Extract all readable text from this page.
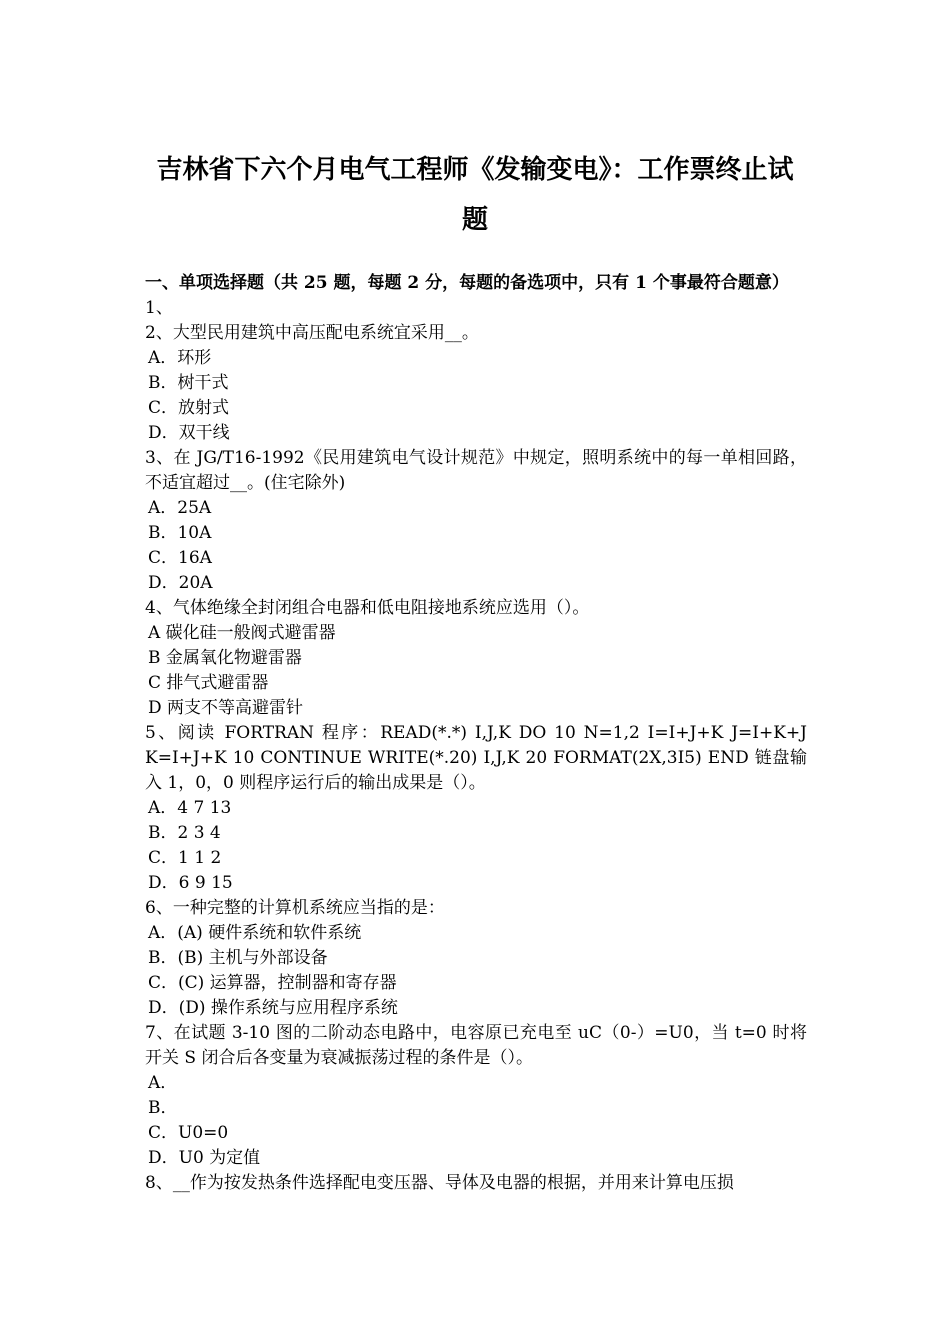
吉林省下六个月电气工程师《发输变电》：工作票终止试
题

一、单项选择题（共 25 题，每题 2 分，每题的备选项中，只有 1 个事最符合题意）

1、

2、大型民用建筑中高压配电系统宜采用__。

A．环形

B．树干式

C．放射式

D．双干线

3、在 JG/T16-1992《民用建筑电气设计规范》中规定，照明系统中的每一单相回路，不适宜超过__。(住宅除外)

A．25A

B．10A

C．16A

D．20A

4、气体绝缘全封闭组合电器和低电阻接地系统应选用（）。

A 碳化硅一般阀式避雷器

B 金属氧化物避雷器

C 排气式避雷器

D 两支不等高避雷针

5、阅读 FORTRAN 程序：READ(*.*) I,J,K DO 10 N=1,2 I=I+J+K J=I+K+J K=I+J+K 10 CONTINUE WRITE(*.20) I,J,K 20 FORMAT(2X,3I5) END 链盘输入 1，0，0 则程序运行后的输出成果是（）。

A．4 7 13

B．2 3 4

C．1 1 2

D．6 9 15

6、一种完整的计算机系统应当指的是：

A．(A) 硬件系统和软件系统

B．(B) 主机与外部设备

C．(C) 运算器，控制器和寄存器

D．(D) 操作系统与应用程序系统

7、在试题 3-10 图的二阶动态电路中，电容原已充电至 uC（0-）=U0，当 t=0 时将开关 S 闭合后各变量为衰减振荡过程的条件是（）。

A．

B．

C．U0=0

D．U0 为定值

8、__作为按发热条件选择配电变压器、导体及电器的根据，并用来计算电压损
